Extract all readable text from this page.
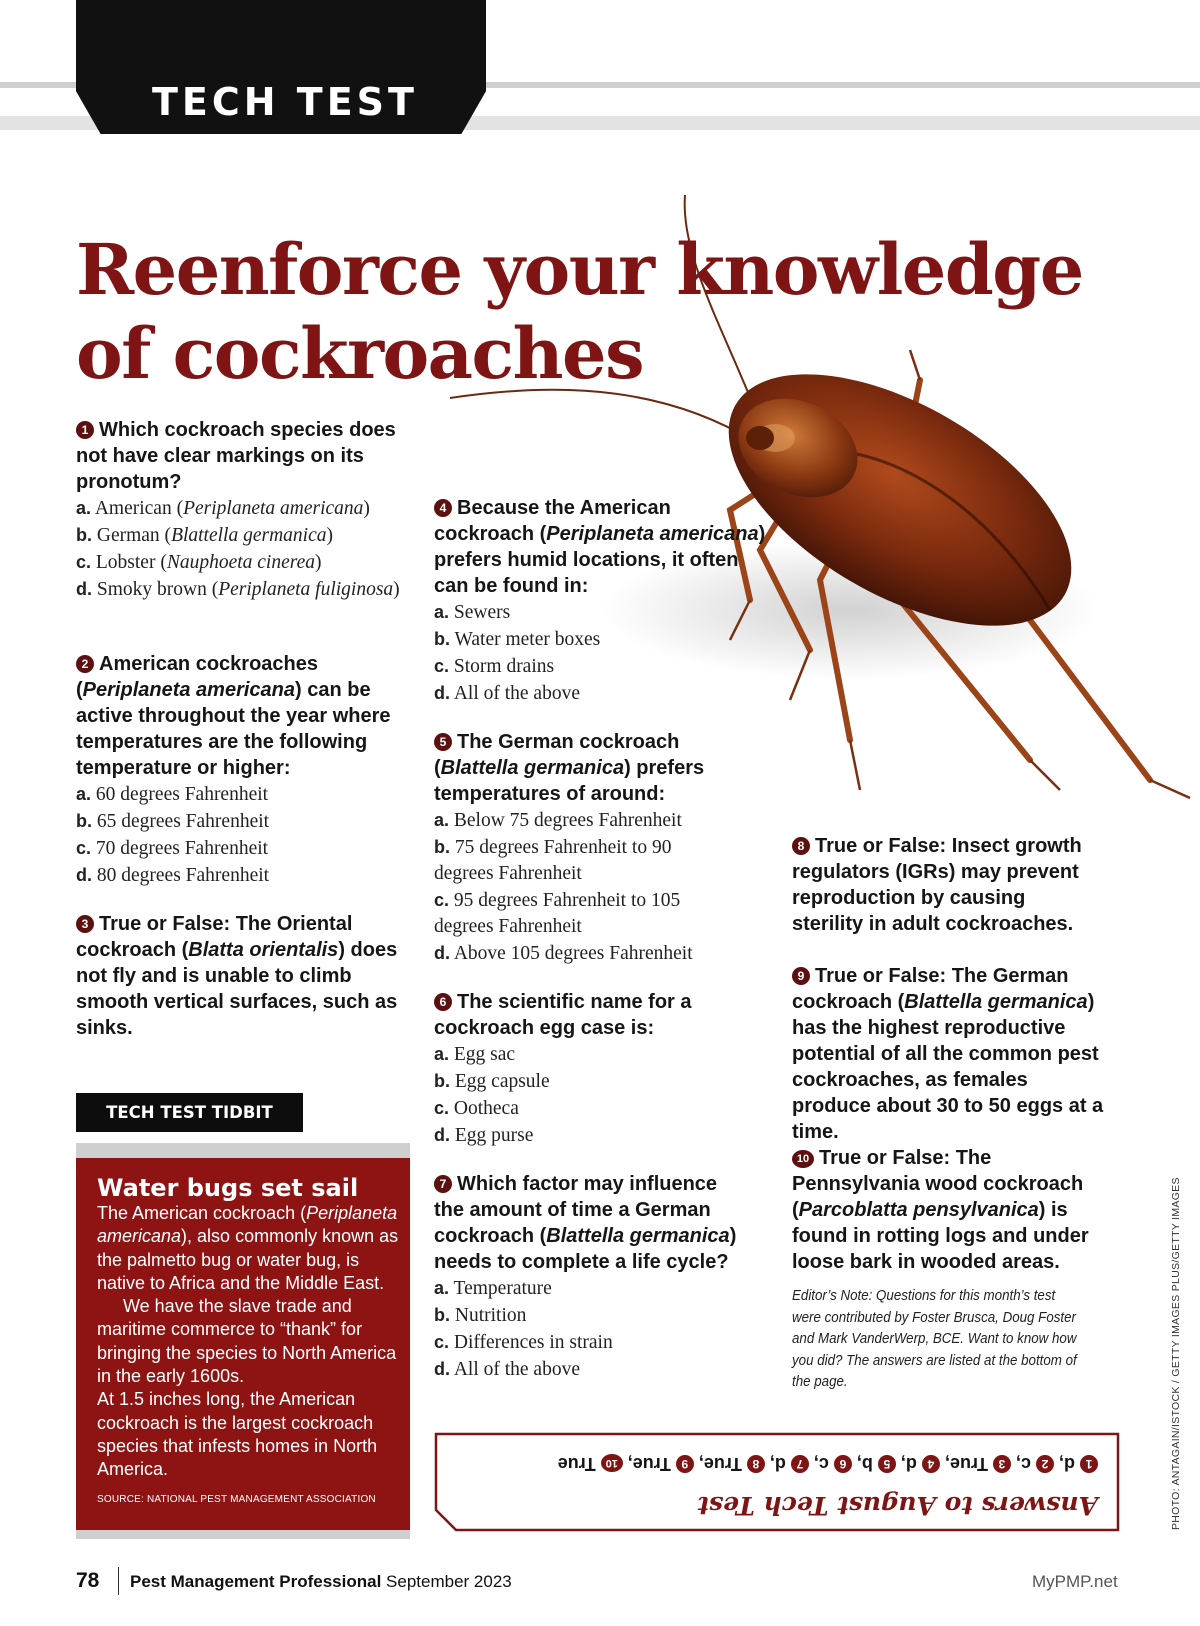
TECH TEST
Reenforce your knowledge
of cockroaches
1 Which cockroach species does not have clear markings on its pronotum?
a. American (Periplaneta americana)
b. German (Blattella germanica)
c. Lobster (Nauphoeta cinerea)
d. Smoky brown (Periplaneta fuliginosa)
2 American cockroaches (Periplaneta americana) can be active throughout the year where temperatures are the following temperature or higher:
a. 60 degrees Fahrenheit
b. 65 degrees Fahrenheit
c. 70 degrees Fahrenheit
d. 80 degrees Fahrenheit
3 True or False: The Oriental cockroach (Blatta orientalis) does not fly and is unable to climb smooth vertical surfaces, such as sinks.
4 Because the American cockroach (Periplaneta americana) prefers humid locations, it often can be found in:
a. Sewers
b. Water meter boxes
c. Storm drains
d. All of the above
5 The German cockroach (Blattella germanica) prefers temperatures of around:
a. Below 75 degrees Fahrenheit
b. 75 degrees Fahrenheit to 90 degrees Fahrenheit
c. 95 degrees Fahrenheit to 105 degrees Fahrenheit
d. Above 105 degrees Fahrenheit
6 The scientific name for a cockroach egg case is:
a. Egg sac
b. Egg capsule
c. Ootheca
d. Egg purse
7 Which factor may influence the amount of time a German cockroach (Blattella germanica) needs to complete a life cycle?
a. Temperature
b. Nutrition
c. Differences in strain
d. All of the above
8 True or False: Insect growth regulators (IGRs) may prevent reproduction by causing sterility in adult cockroaches.
9 True or False: The German cockroach (Blattella germanica) has the highest reproductive potential of all the common pest cockroaches, as females produce about 30 to 50 eggs at a time.
10 True or False: The Pennsylvania wood cockroach (Parcoblatta pensylvanica) is found in rotting logs and under loose bark in wooded areas.
Editor’s Note: Questions for this month’s test were contributed by Foster Brusca, Doug Foster and Mark VanderWerp, BCE. Want to know how you did? The answers are listed at the bottom of the page.
TECH TEST TIDBIT
Water bugs set sail

The American cockroach (Periplaneta americana), also commonly known as the palmetto bug or water bug, is native to Africa and the Middle East.

We have the slave trade and maritime commerce to “thank” for bringing the species to North America in the early 1600s.

At 1.5 inches long, the American cockroach is the largest cockroach species that infests homes in North America.

SOURCE: NATIONAL PEST MANAGEMENT ASSOCIATION	Answers to August Tech Test
1d, 2c, 3True, 4d, 5b, 6c, 7d, 8True, 9True, 10True	PHOTO: ANTAGAIN/ISTOCK / GETTY IMAGES PLUS/GETTY IMAGES
78 Pest Management Professional September 2023	MyPMP.net
